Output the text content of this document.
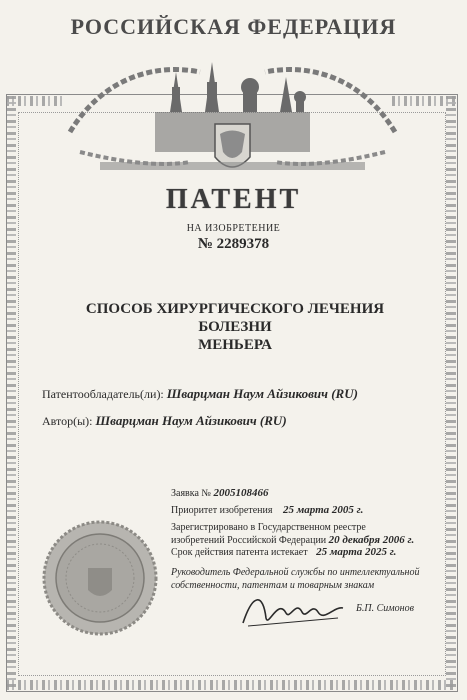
РОССИЙСКАЯ ФЕДЕРАЦИЯ
ПАТЕНТ
НА ИЗОБРЕТЕНИЕ
№ 2289378
СПОСОБ ХИРУРГИЧЕСКОГО ЛЕЧЕНИЯ БОЛЕЗНИ
МЕНЬЕРА
Патентообладатель(ли): Шварцман Наум Айзикович (RU)
Автор(ы): Шварцман Наум Айзикович (RU)
Заявка № 2005108466
Приоритет изобретения 25 марта 2005 г.
Зарегистрировано в Государственном реестре
изобретений Российской Федерации 20 декабря 2006 г.
Срок действия патента истекает 25 марта 2025 г.
Руководитель Федеральной службы по интеллектуальной
собственности, патентам и товарным знакам
Б.П. Симонов
